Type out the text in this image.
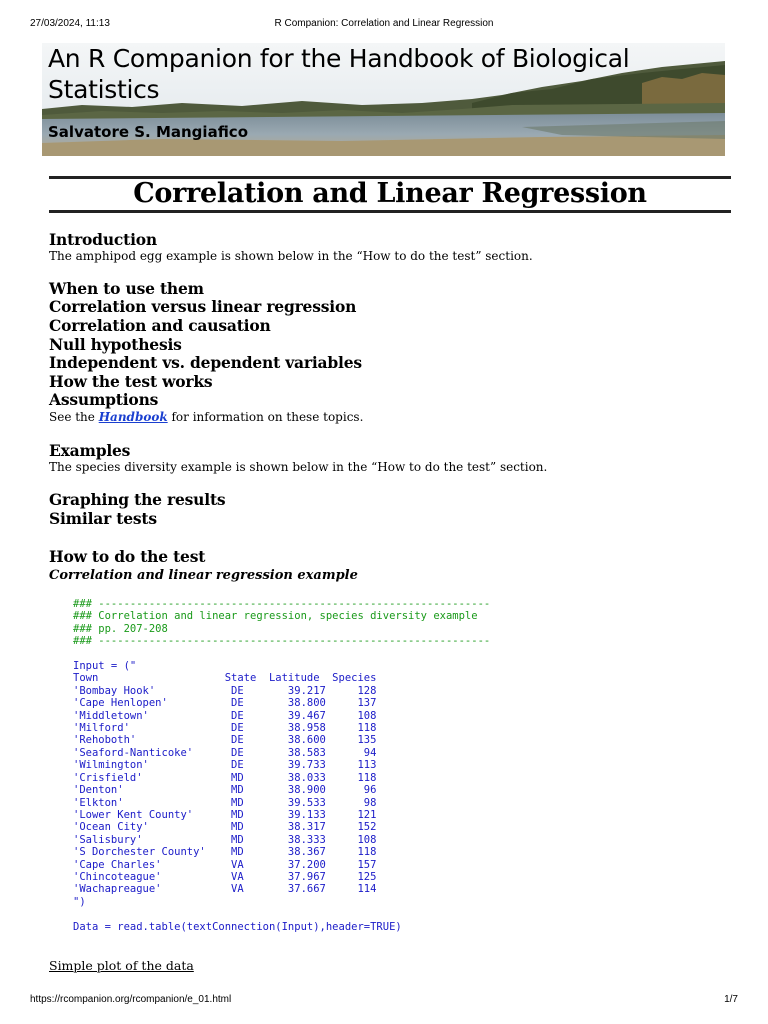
27/03/2024, 11:13	R Companion: Correlation and Linear Regression
An R Companion for the Handbook of Biological
Statistics
Salvatore S. Mangiafico
Correlation and Linear Regression
Introduction
The amphipod egg example is shown below in the “How to do the test” section.
When to use them
Correlation versus linear regression
Correlation and causation
Null hypothesis
Independent vs. dependent variables
How the test works
Assumptions
See the Handbook for information on these topics.
Examples
The species diversity example is shown below in the “How to do the test” section.
Graphing the results
Similar tests
How to do the test
Correlation and linear regression example
### --------------------------------------------------------------
### Correlation and linear regression, species diversity example
### pp. 207-208
### --------------------------------------------------------------

Input = ("
Town                    State  Latitude  Species
'Bombay Hook'            DE       39.217     128
'Cape Henlopen'          DE       38.800     137
'Middletown'             DE       39.467     108
'Milford'                DE       38.958     118
'Rehoboth'               DE       38.600     135
'Seaford-Nanticoke'      DE       38.583      94
'Wilmington'             DE       39.733     113
'Crisfield'              MD       38.033     118
'Denton'                 MD       38.900      96
'Elkton'                 MD       39.533      98
'Lower Kent County'      MD       39.133     121
'Ocean City'             MD       38.317     152
'Salisbury'              MD       38.333     108
'S Dorchester County'    MD       38.367     118
'Cape Charles'           VA       37.200     157
'Chincoteague'           VA       37.967     125
'Wachapreague'           VA       37.667     114
")

Data = read.table(textConnection(Input),header=TRUE)
Simple plot of the data
https://rcompanion.org/rcompanion/e_01.html	1/7
